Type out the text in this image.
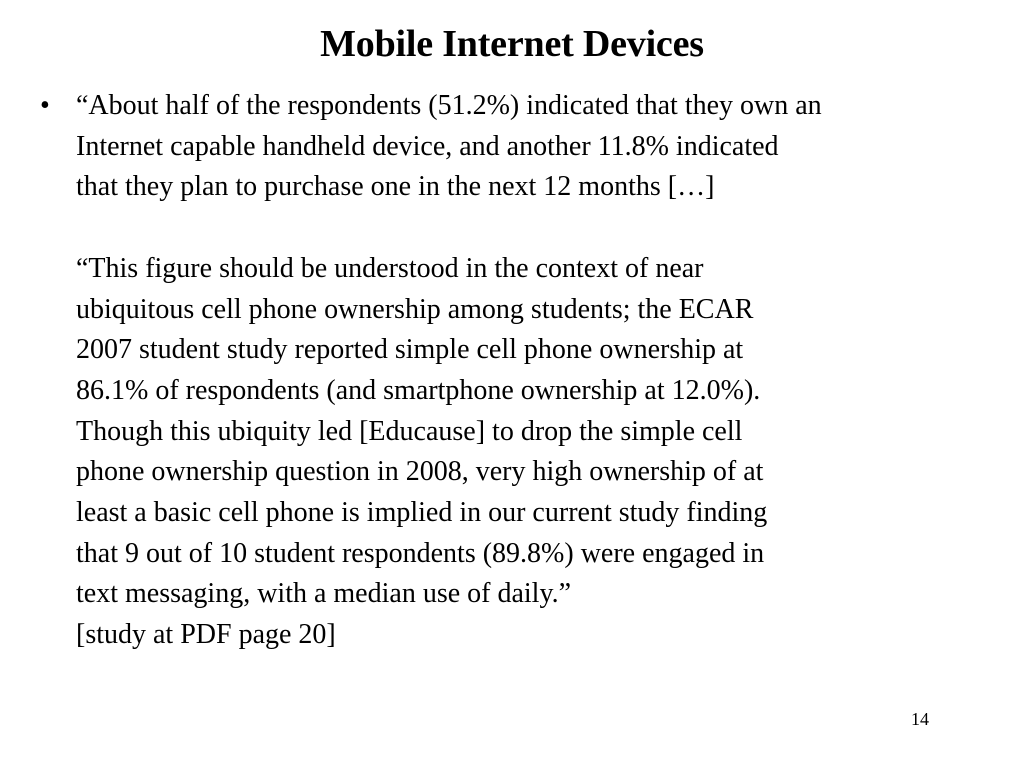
Mobile Internet Devices
• “About half of the respondents (51.2%) indicated that they own an
Internet capable handheld device, and another 11.8% indicated
that they plan to purchase one in the next 12 months […]
“This figure should be understood in the context of near
ubiquitous cell phone ownership among students; the ECAR
2007 student study reported simple cell phone ownership at
86.1% of respondents (and smartphone ownership at 12.0%).
Though this ubiquity led [Educause] to drop the simple cell
phone ownership question in 2008, very high ownership of at
least a basic cell phone is implied in our current study finding
that 9 out of 10 student respondents (89.8%) were engaged in
text messaging, with a median use of daily.”
[study at PDF page 20]
14
